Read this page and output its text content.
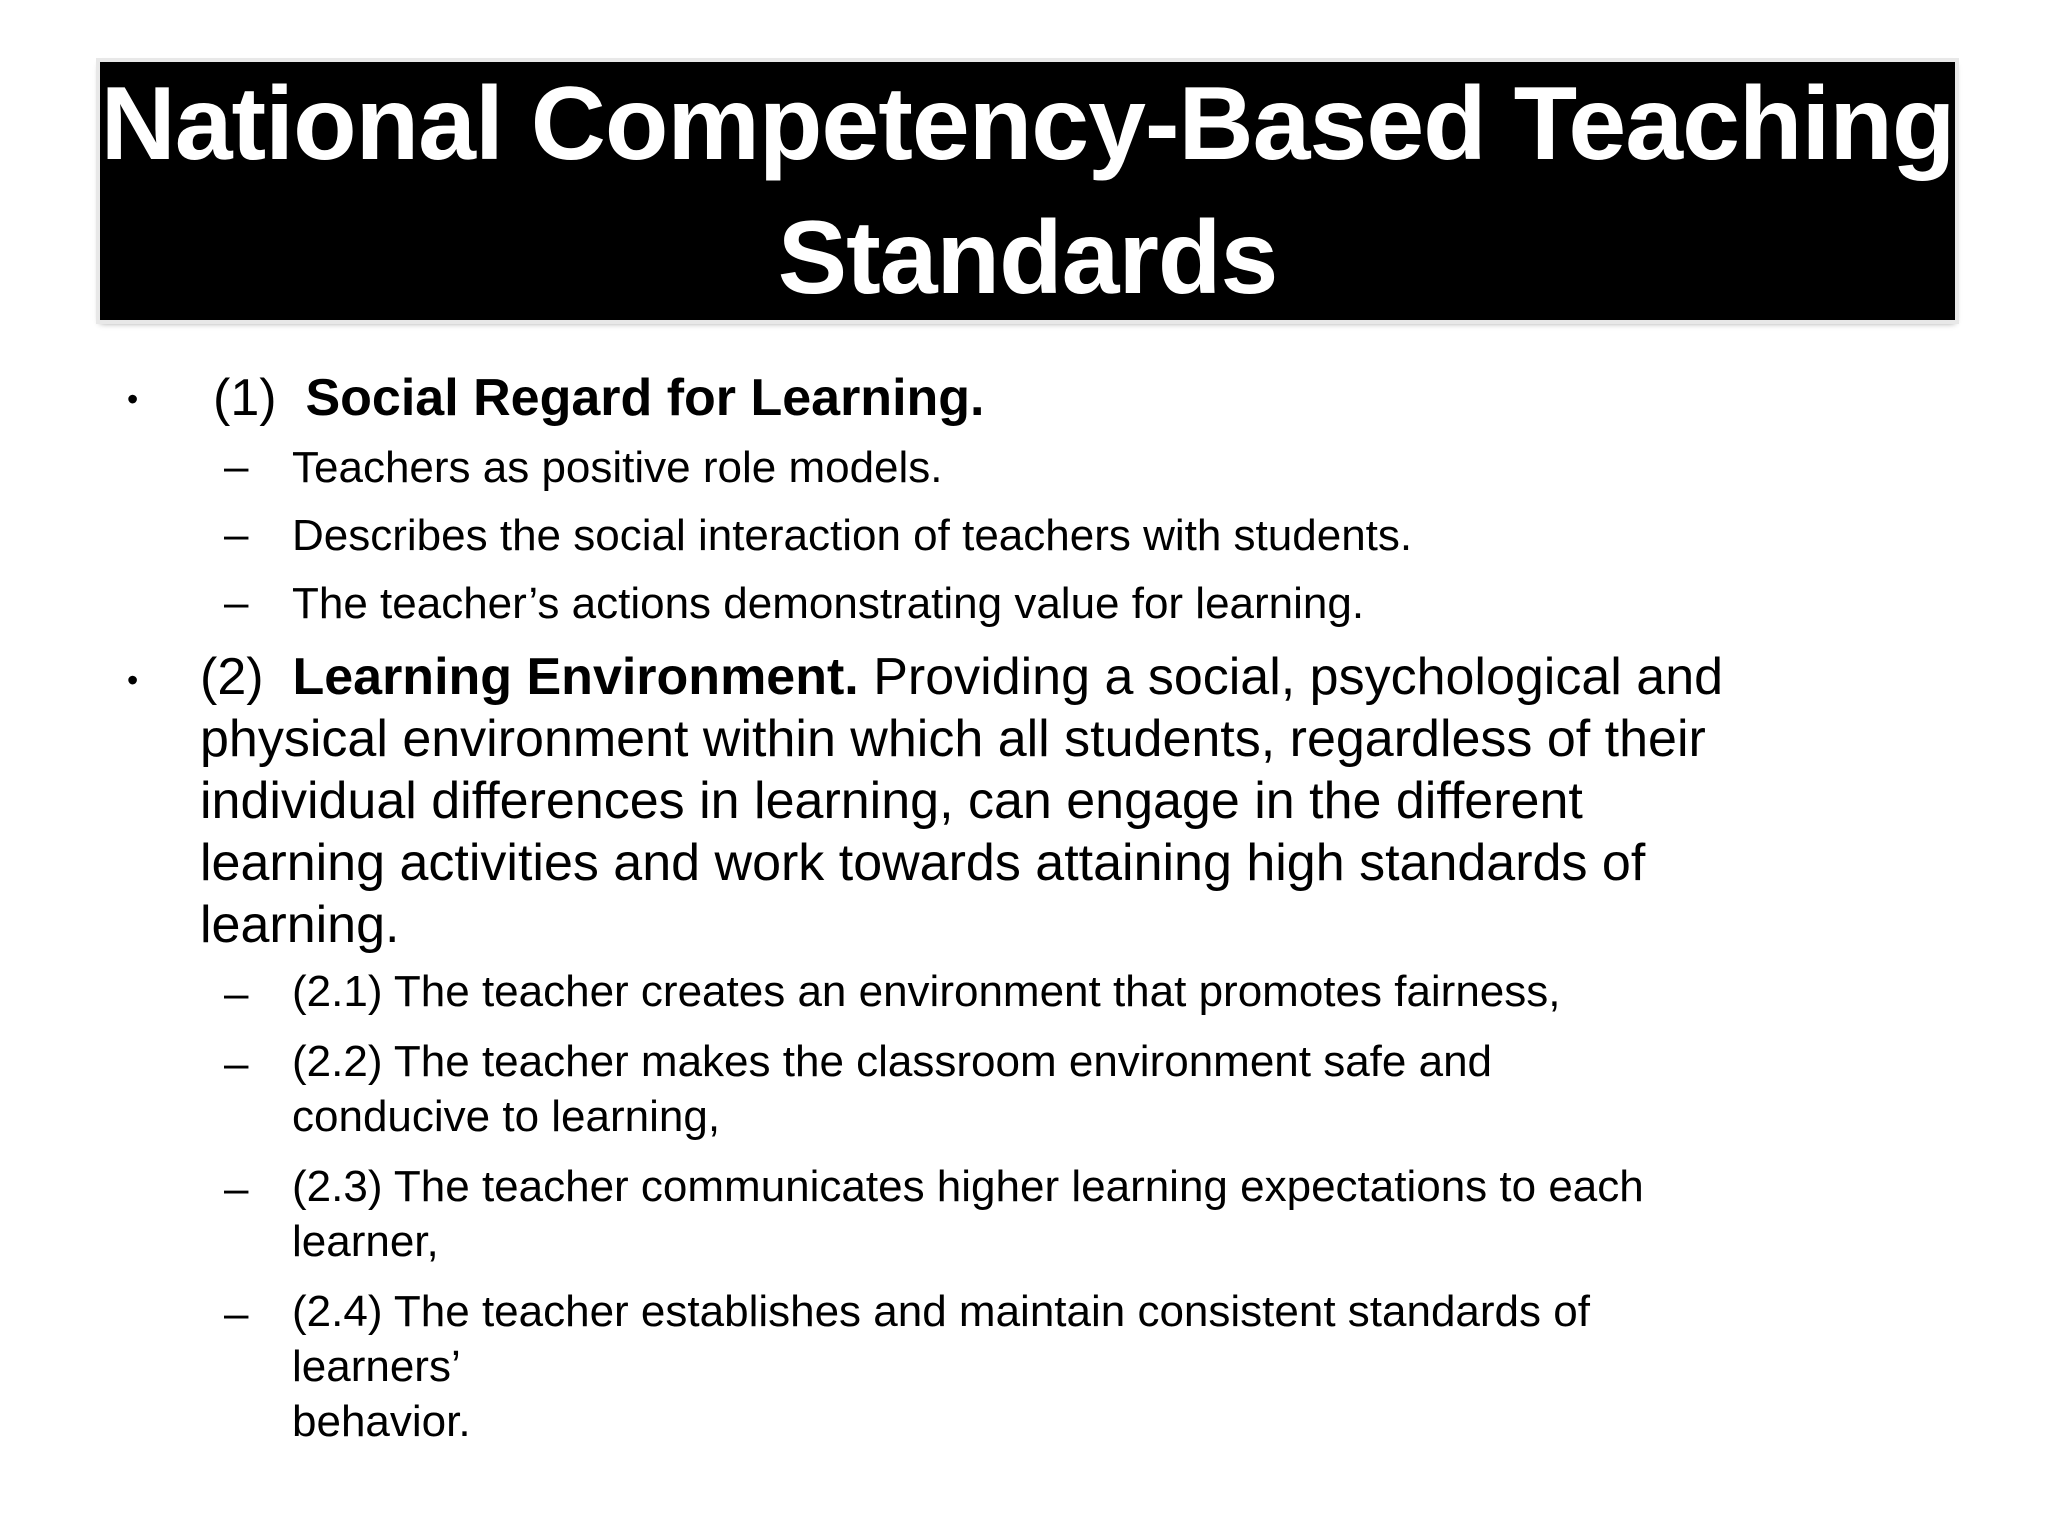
National Competency-Based Teaching
Standards
• (1) Social Regard for Learning.
– Teachers as positive role models.
– Describes the social interaction of teachers with students.
– The teacher’s actions demonstrating value for learning.
• (2) Learning Environment. Providing a social, psychological and
physical environment within which all students, regardless of their
individual differences in learning, can engage in the different
learning activities and work towards attaining high standards of
learning.
– (2.1) The teacher creates an environment that promotes fairness,
– (2.2) The teacher makes the classroom environment safe and
conducive to learning,
– (2.3) The teacher communicates higher learning expectations to each
learner,
– (2.4) The teacher establishes and maintain consistent standards of
learners’
behavior.
